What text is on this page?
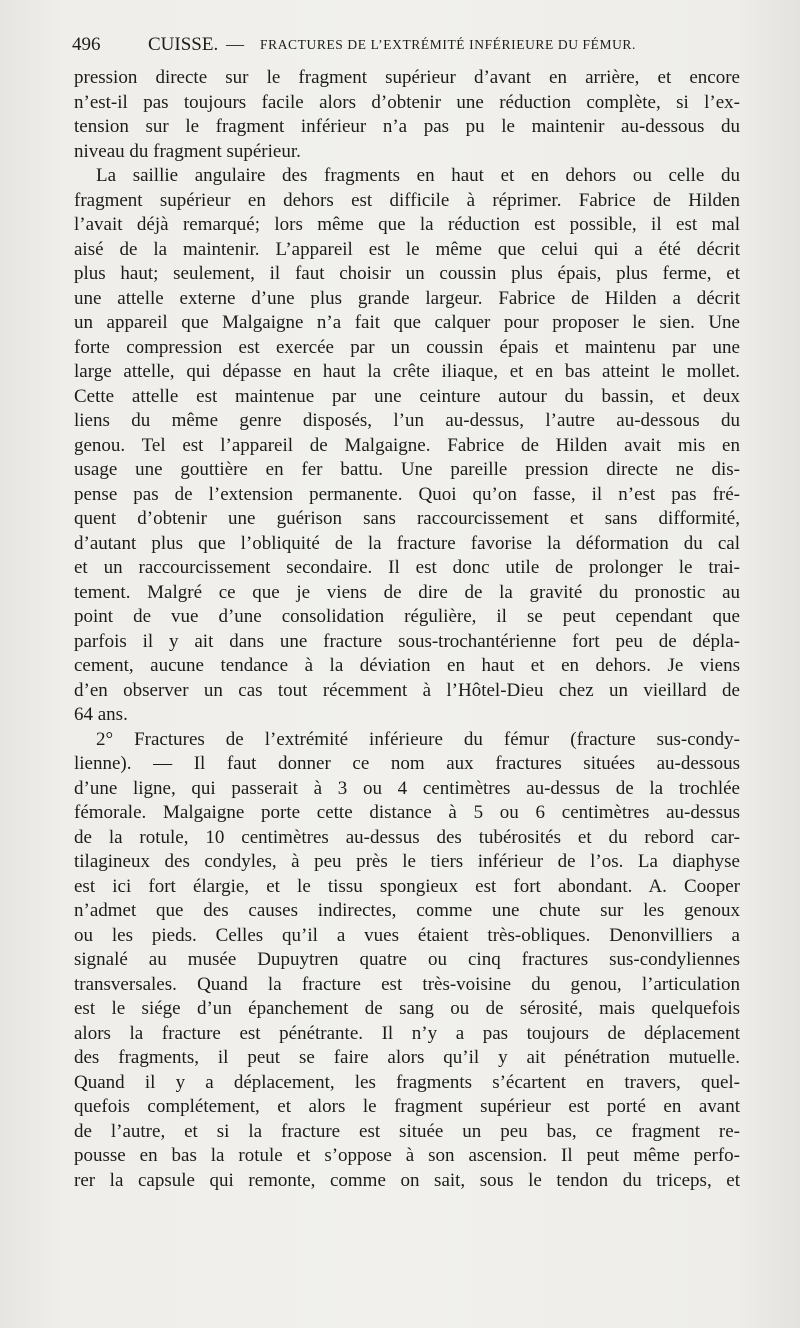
496	CUISSE. — FRACTURES DE L’EXTRÉMITÉ INFÉRIEURE DU FÉMUR.
pression directe sur le fragment supérieur d’avant en arrière, et encore
n’est-il pas toujours facile alors d’obtenir une réduction complète, si l’ex-
tension sur le fragment inférieur n’a pas pu le maintenir au-dessous du
niveau du fragment supérieur.
La saillie angulaire des fragments en haut et en dehors ou celle du
fragment supérieur en dehors est difficile à réprimer. Fabrice de Hilden
l’avait déjà remarqué; lors même que la réduction est possible, il est mal
aisé de la maintenir. L’appareil est le même que celui qui a été décrit
plus haut; seulement, il faut choisir un coussin plus épais, plus ferme, et
une attelle externe d’une plus grande largeur. Fabrice de Hilden a décrit
un appareil que Malgaigne n’a fait que calquer pour proposer le sien. Une
forte compression est exercée par un coussin épais et maintenu par une
large attelle, qui dépasse en haut la crête iliaque, et en bas atteint le mollet.
Cette attelle est maintenue par une ceinture autour du bassin, et deux
liens du même genre disposés, l’un au-dessus, l’autre au-dessous du
genou. Tel est l’appareil de Malgaigne. Fabrice de Hilden avait mis en
usage une gouttière en fer battu. Une pareille pression directe ne dis-
pense pas de l’extension permanente. Quoi qu’on fasse, il n’est pas fré-
quent d’obtenir une guérison sans raccourcissement et sans difformité,
d’autant plus que l’obliquité de la fracture favorise la déformation du cal
et un raccourcissement secondaire. Il est donc utile de prolonger le trai-
tement. Malgré ce que je viens de dire de la gravité du pronostic au
point de vue d’une consolidation régulière, il se peut cependant que
parfois il y ait dans une fracture sous-trochantérienne fort peu de dépla-
cement, aucune tendance à la déviation en haut et en dehors. Je viens
d’en observer un cas tout récemment à l’Hôtel-Dieu chez un vieillard de
64 ans.
2° Fractures de l’extrémité inférieure du fémur (fracture sus-condy-
lienne). — Il faut donner ce nom aux fractures situées au-dessous
d’une ligne, qui passerait à 3 ou 4 centimètres au-dessus de la trochlée
fémorale. Malgaigne porte cette distance à 5 ou 6 centimètres au-dessus
de la rotule, 10 centimètres au-dessus des tubérosités et du rebord car-
tilagineux des condyles, à peu près le tiers inférieur de l’os. La diaphyse
est ici fort élargie, et le tissu spongieux est fort abondant. A. Cooper
n’admet que des causes indirectes, comme une chute sur les genoux
ou les pieds. Celles qu’il a vues étaient très-obliques. Denonvilliers a
signalé au musée Dupuytren quatre ou cinq fractures sus-condyliennes
transversales. Quand la fracture est très-voisine du genou, l’articulation
est le siége d’un épanchement de sang ou de sérosité, mais quelquefois
alors la fracture est pénétrante. Il n’y a pas toujours de déplacement
des fragments, il peut se faire alors qu’il y ait pénétration mutuelle.
Quand il y a déplacement, les fragments s’écartent en travers, quel-
quefois complétement, et alors le fragment supérieur est porté en avant
de l’autre, et si la fracture est située un peu bas, ce fragment re-
pousse en bas la rotule et s’oppose à son ascension. Il peut même perfo-
rer la capsule qui remonte, comme on sait, sous le tendon du triceps, et
